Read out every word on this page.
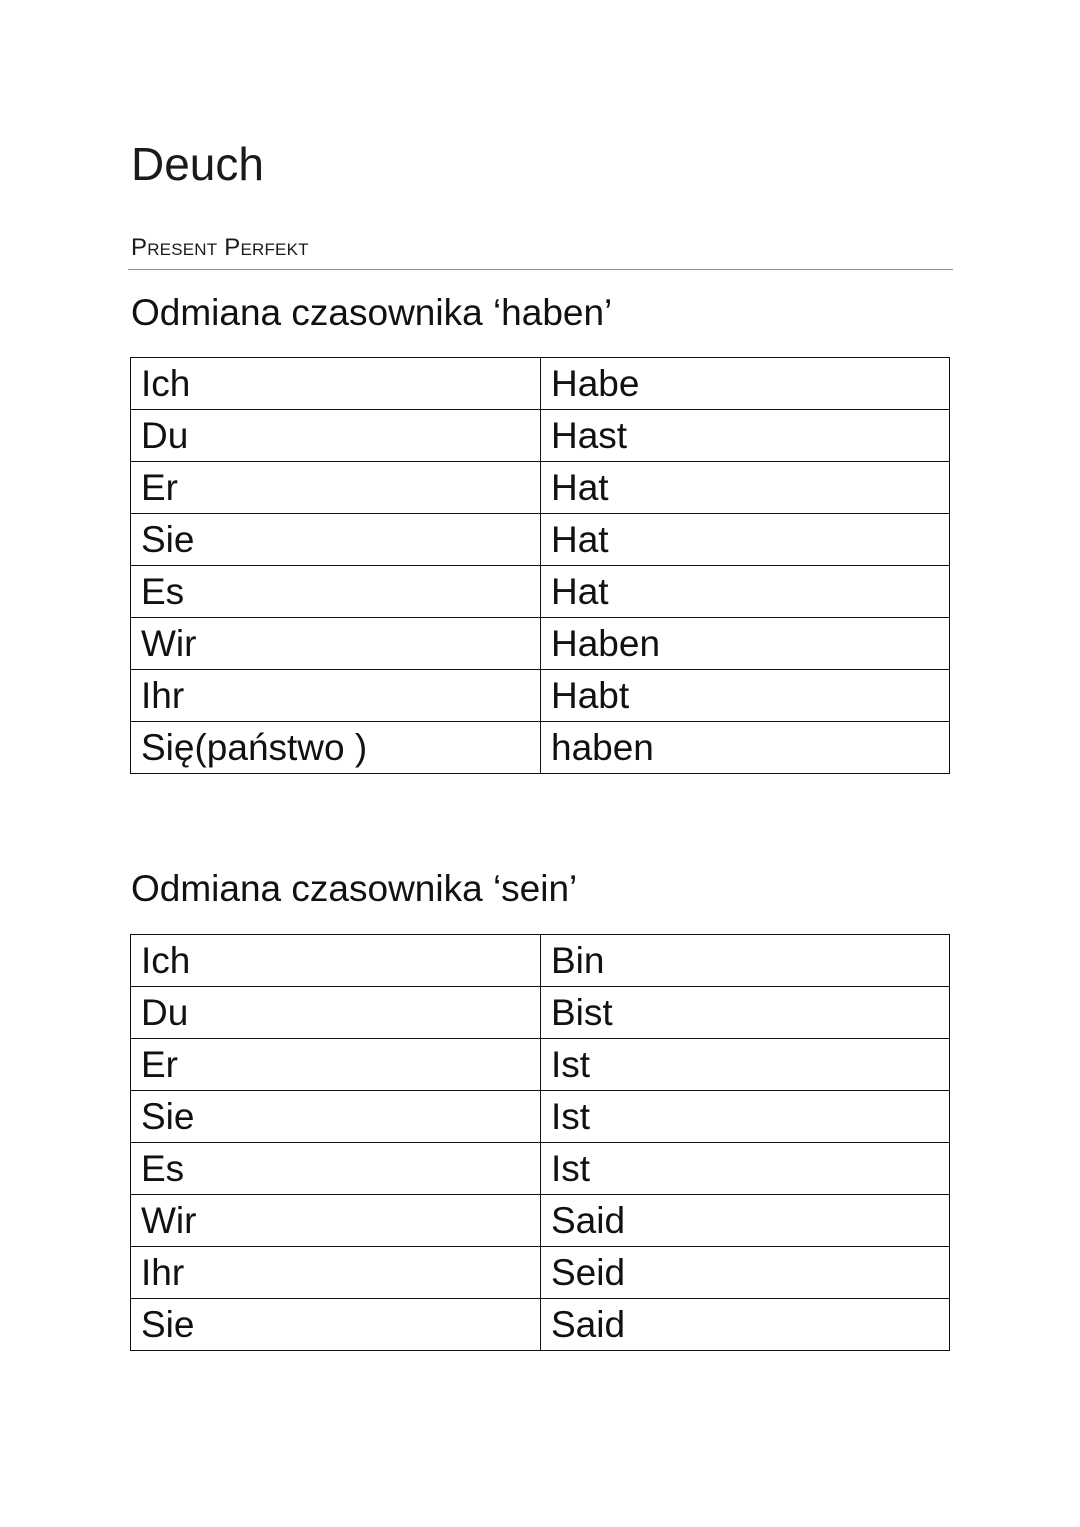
Deuch

Present Perfekt

Odmiana czasownika ‘haben’
Ich	Habe
Du	Hast
Er	Hat
Sie	Hat
Es	Hat
Wir	Haben
Ihr	Habt
Się(państwo )	haben
Odmiana czasownika ‘sein’
Ich	Bin
Du	Bist
Er	Ist
Sie	Ist
Es	Ist
Wir	Said
Ihr	Seid
Sie	Said
